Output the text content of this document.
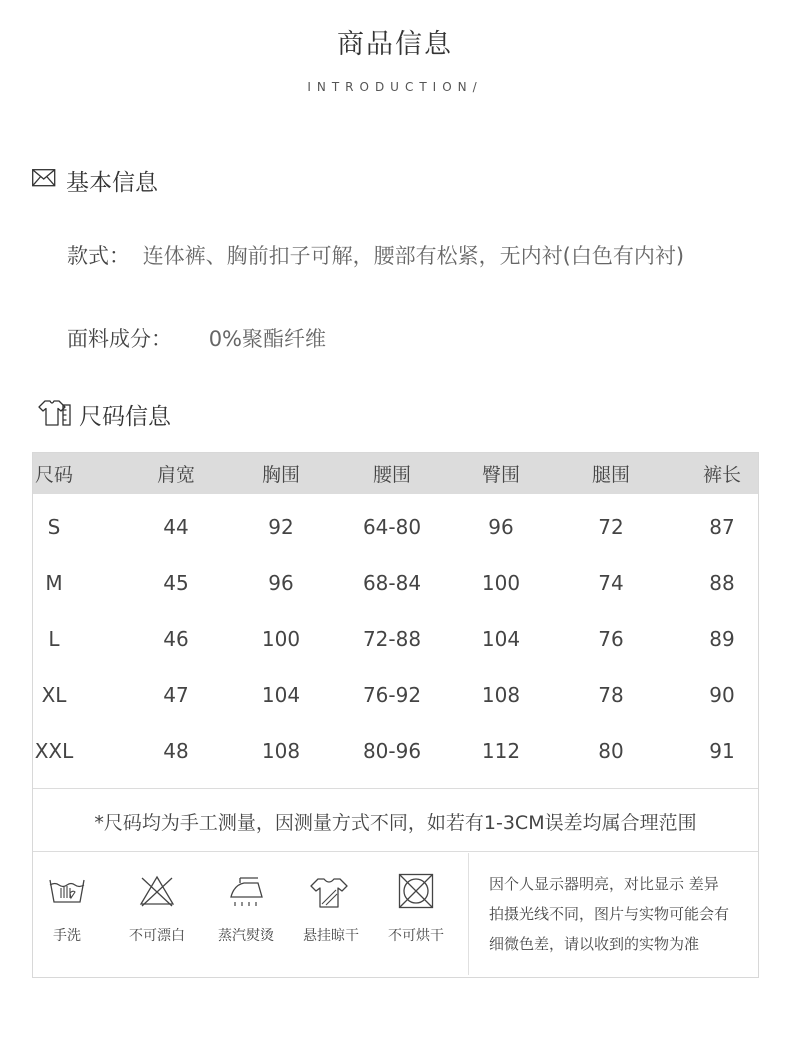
商品信息
INTRODUCTION/
基本信息
款式： 连体裤、胸前扣子可解，腰部有松紧，无内衬(白色有内衬)
面料成分： 0%聚酯纤维
尺码信息
尺码	肩宽	胸围	腰围	臀围	腿围	裤长
S	44	92	64-80	96	72	87
M	45	96	68-84	100	74	88
L	46	100	72-88	104	76	89
XL	47	104	76-92	108	78	90
XXL	48	108	80-96	112	80	91
*尺码均为手工测量，因测量方式不同，如若有1-3CM误差均属合理范围
手洗	不可漂白	蒸汽熨烫	悬挂晾干	不可烘干
因个人显示器明亮，对比显示 差异
拍摄光线不同，图片与实物可能会有
细微色差，请以收到的实物为准
